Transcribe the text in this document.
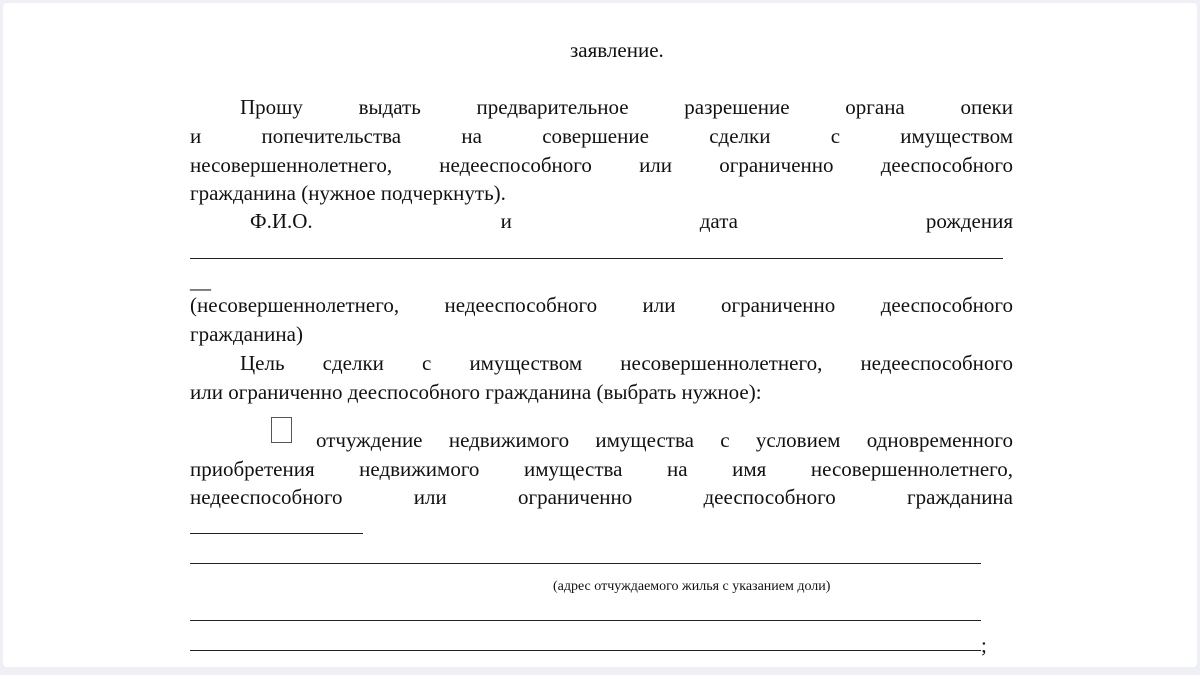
заявление.
Прошу выдать предварительное разрешение органа опеки
и попечительства на совершение сделки с имуществом
несовершеннолетнего, недееспособного или ограниченно дееспособного
гражданина (нужное подчеркнуть).
Ф.И.О. и дата рождения
__
(несовершеннолетнего, недееспособного или ограниченно дееспособного
гражданина)
Цель сделки с имуществом несовершеннолетнего, недееспособного
или ограниченно дееспособного гражданина (выбрать нужное):
отчуждение недвижимого имущества с условием одновременного
приобретения недвижимого имущества на имя несовершеннолетнего,
недееспособного или ограниченно дееспособного гражданина
(адрес отчуждаемого жилья с указанием доли)
;
